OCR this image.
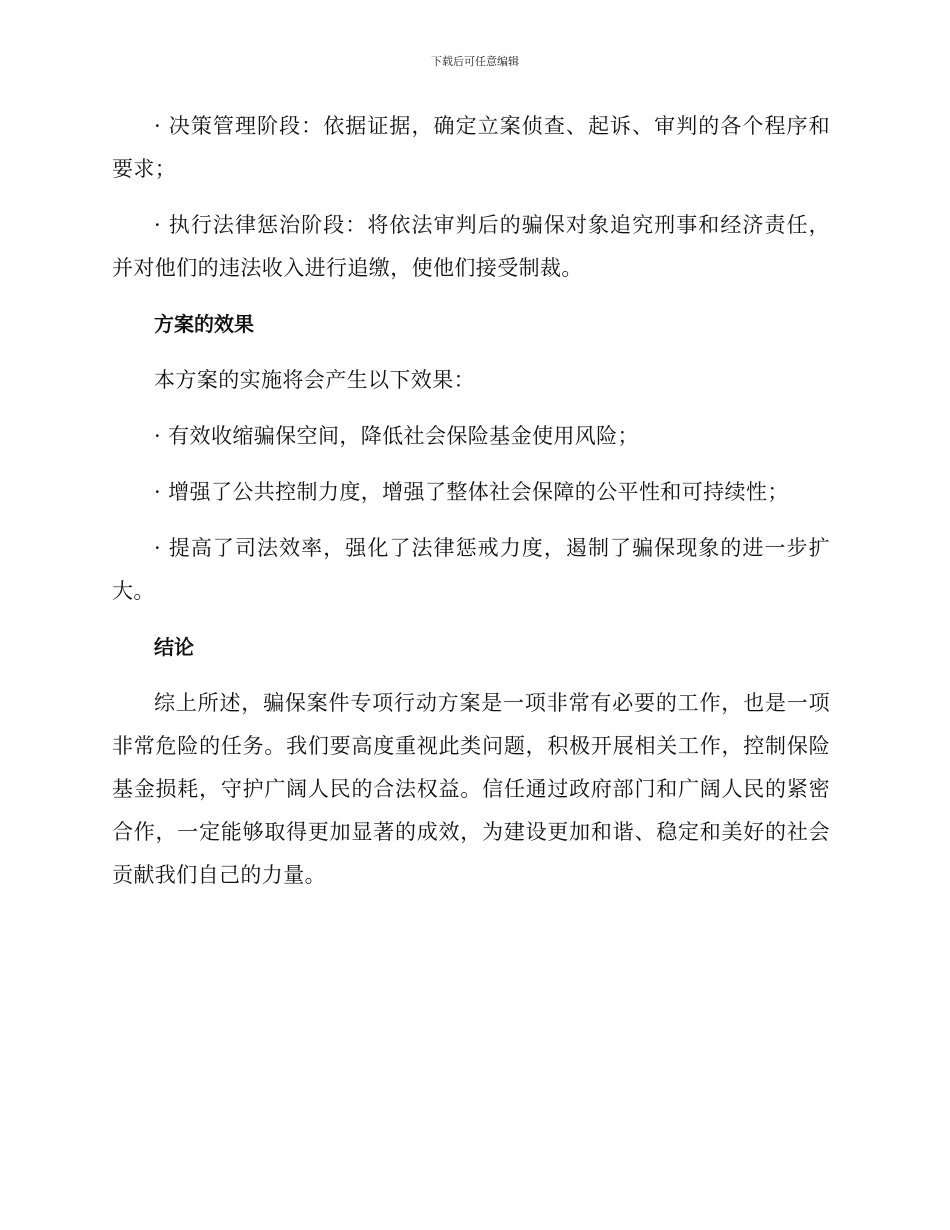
下载后可任意编辑

· 决策管理阶段：依据证据，确定立案侦查、起诉、审判的各个程序和要求；

· 执行法律惩治阶段：将依法审判后的骗保对象追究刑事和经济责任，并对他们的违法收入进行追缴，使他们接受制裁。

方案的效果

本方案的实施将会产生以下效果：

· 有效收缩骗保空间，降低社会保险基金使用风险；

· 增强了公共控制力度，增强了整体社会保障的公平性和可持续性；

· 提高了司法效率，强化了法律惩戒力度，遏制了骗保现象的进一步扩大。

结论

综上所述，骗保案件专项行动方案是一项非常有必要的工作，也是一项非常危险的任务。我们要高度重视此类问题，积极开展相关工作，控制保险基金损耗，守护广阔人民的合法权益。信任通过政府部门和广阔人民的紧密合作，一定能够取得更加显著的成效，为建设更加和谐、稳定和美好的社会贡献我们自己的力量。
